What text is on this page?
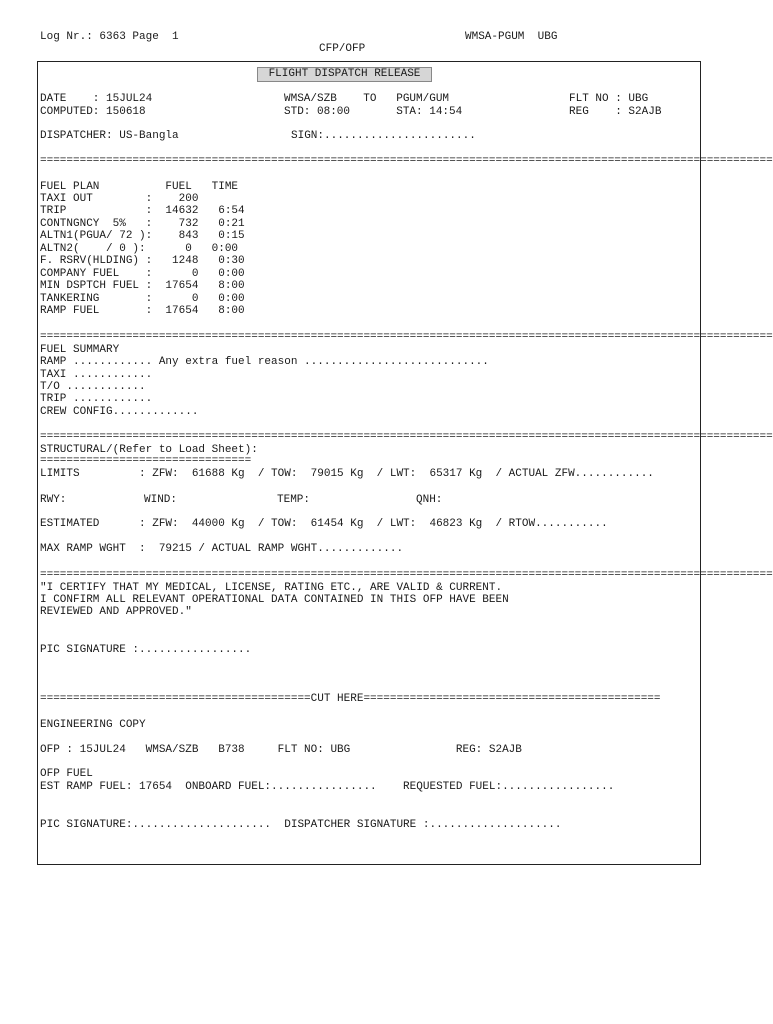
Log Nr.: 6363 Page  1	WMSA-PGUM  UBG
CFP/OFP
FLIGHT DISPATCH RELEASE
DATE    : 15JUL24	WMSA/SZB    TO   PGUM/GUM	FLT NO : UBG
COMPUTED: 150618	STD: 08:00       STA: 14:54	REG    : S2AJB
DISPATCHER: US-Bangla	SIGN:.......................
===============================================================================================================
FUEL PLAN          FUEL   TIME
TAXI OUT        :    200
TRIP            :  14632   6:54
CONTNGNCY  5%   :    732   0:21
ALTN1(PGUA/ 72 ):    843   0:15
ALTN2(    / 0 ):      0   0:00
F. RSRV(HLDING) :   1248   0:30
COMPANY FUEL    :      0   0:00
MIN DSPTCH FUEL :  17654   8:00
TANKERING       :      0   0:00
RAMP FUEL       :  17654   8:00
===============================================================================================================
FUEL SUMMARY
RAMP ............ Any extra fuel reason ............................
TAXI ............
T/O ............
TRIP ............
CREW CONFIG.............
===============================================================================================================
STRUCTURAL/(Refer to Load Sheet):
================================
LIMITS         : ZFW:  61688 Kg  / TOW:  79015 Kg  / LWT:  65317 Kg  / ACTUAL ZFW............
RWY:	WIND:	TEMP:	QNH:
ESTIMATED      : ZFW:  44000 Kg  / TOW:  61454 Kg  / LWT:  46823 Kg  / RTOW...........
MAX RAMP WGHT  :  79215 / ACTUAL RAMP WGHT.............
===============================================================================================================
"I CERTIFY THAT MY MEDICAL, LICENSE, RATING ETC., ARE VALID & CURRENT.
I CONFIRM ALL RELEVANT OPERATIONAL DATA CONTAINED IN THIS OFP HAVE BEEN
REVIEWED AND APPROVED."
PIC SIGNATURE :.................
=========================================CUT HERE=============================================
ENGINEERING COPY
OFP : 15JUL24   WMSA/SZB   B738     FLT NO: UBG                REG: S2AJB
OFP FUEL
EST RAMP FUEL: 17654  ONBOARD FUEL:................    REQUESTED FUEL:.................
PIC SIGNATURE:.....................  DISPATCHER SIGNATURE :....................
